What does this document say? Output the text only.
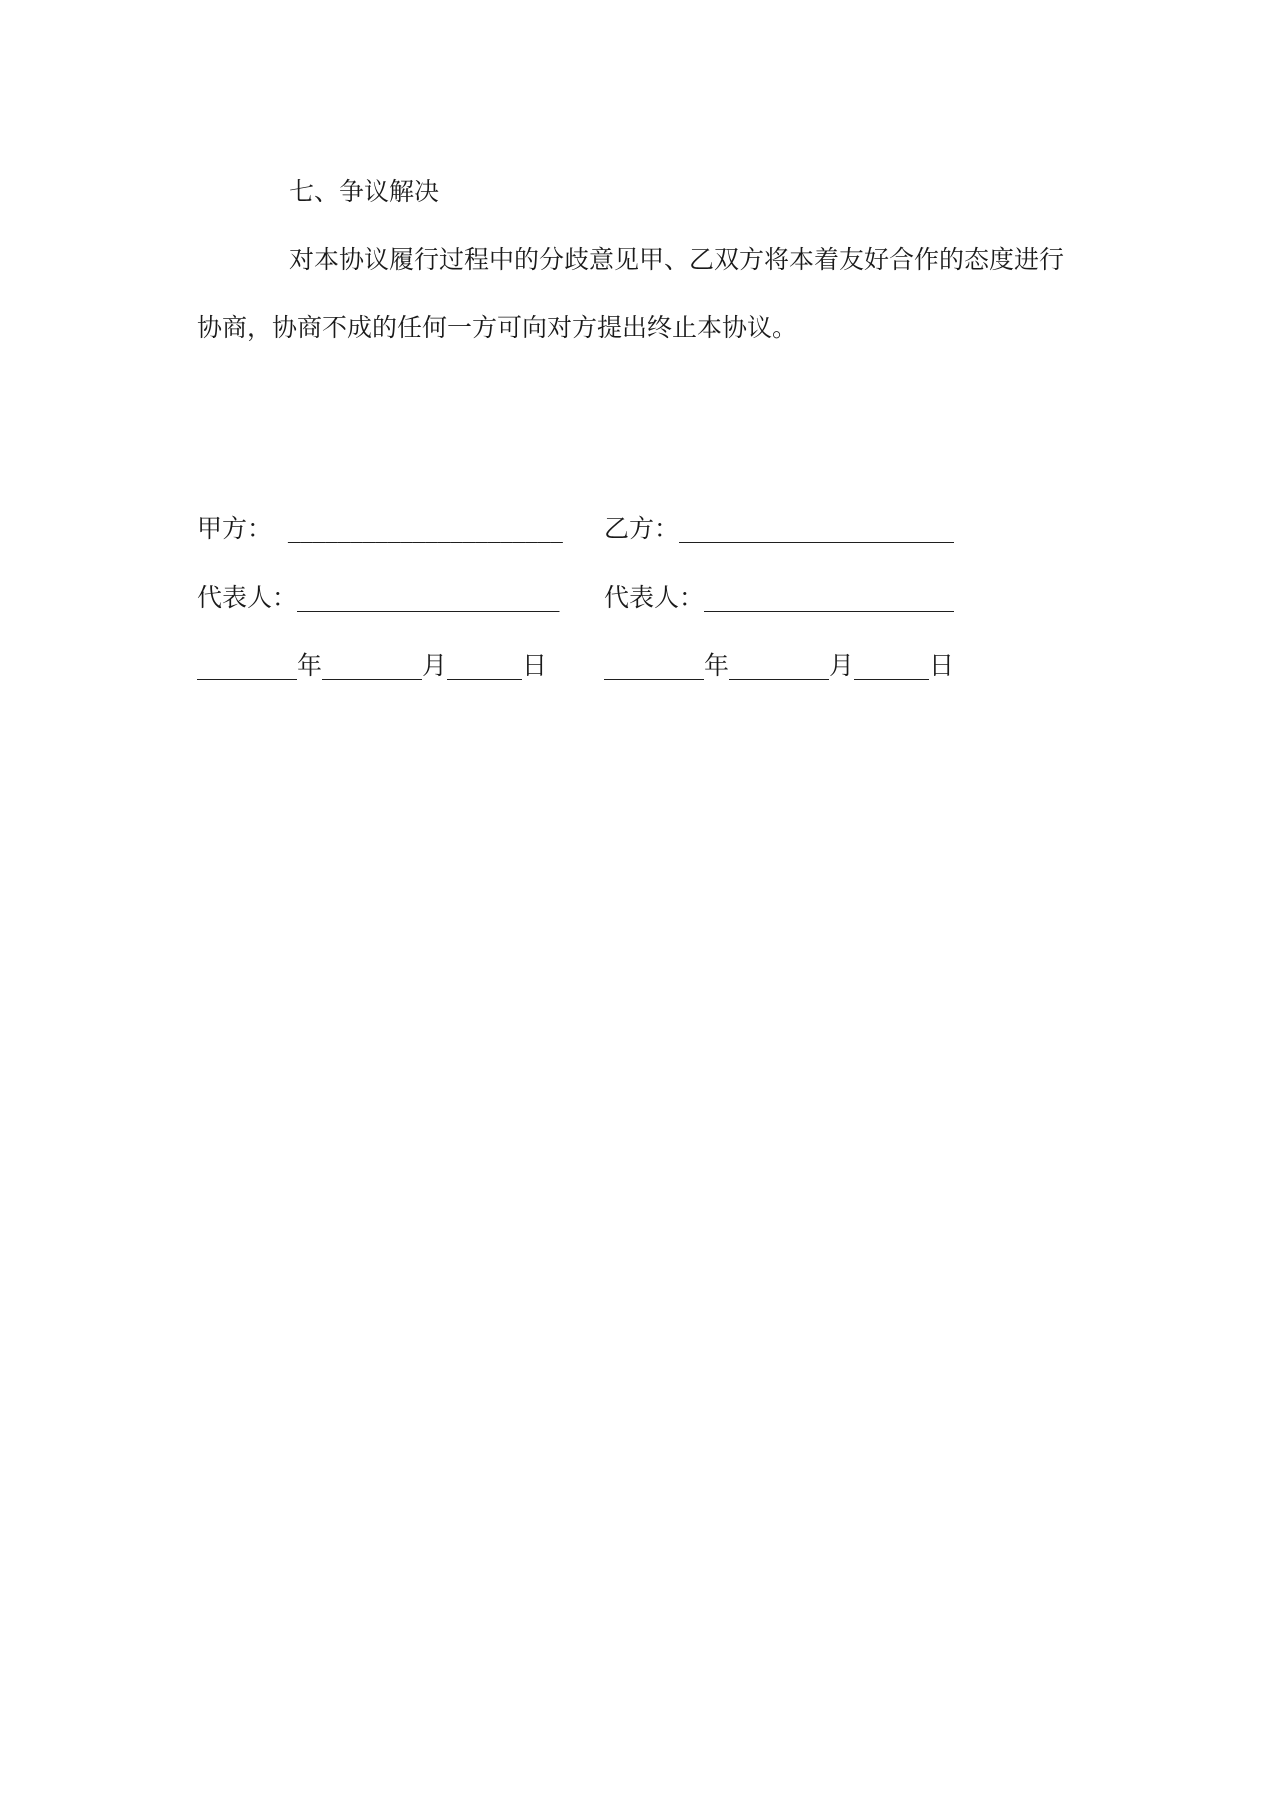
七、争议解决
对本协议履行过程中的分歧意见甲、乙双方将本着友好合作的态度进行
协商，协商不成的任何一方可向对方提出终止本协议。
甲方：  ______________________ 乙方：______________________
代表人：_____________________ 代表人：____________________
________年________月______日 ________年________月______日
